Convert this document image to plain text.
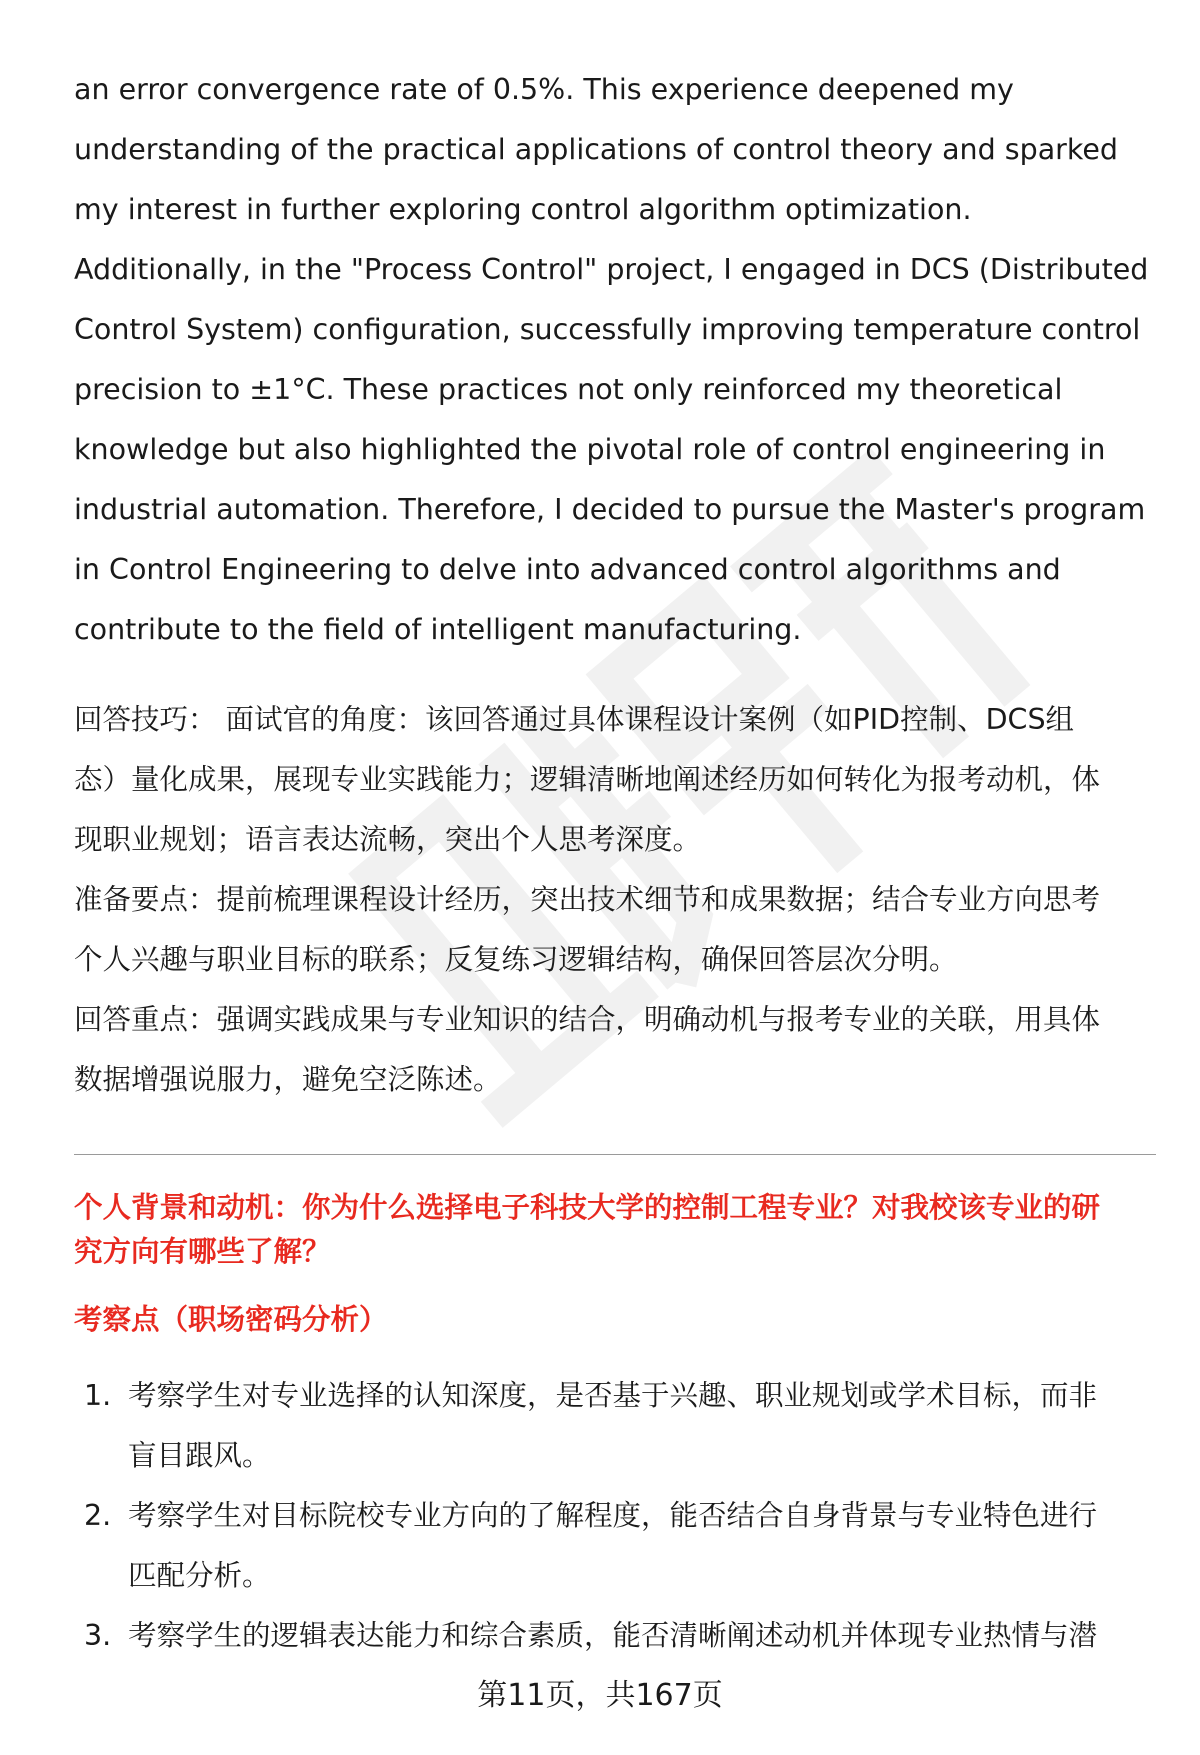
an error convergence rate of 0.5%. This experience deepened my

understanding of the practical applications of control theory and sparked

my interest in further exploring control algorithm optimization.

Additionally, in the "Process Control" project, I engaged in DCS (Distributed

Control System) configuration, successfully improving temperature control

precision to ±1°C. These practices not only reinforced my theoretical

knowledge but also highlighted the pivotal role of control engineering in

industrial automation. Therefore, I decided to pursue the Master's program

in Control Engineering to delve into advanced control algorithms and

contribute to the field of intelligent manufacturing.

回答技巧： 面试官的角度：该回答通过具体课程设计案例（如PID控制、DCS组

态）量化成果，展现专业实践能力；逻辑清晰地阐述经历如何转化为报考动机，体

现职业规划；语言表达流畅，突出个人思考深度。

准备要点：提前梳理课程设计经历，突出技术细节和成果数据；结合专业方向思考

个人兴趣与职业目标的联系；反复练习逻辑结构，确保回答层次分明。

回答重点：强调实践成果与专业知识的结合，明确动机与报考专业的关联，用具体

数据增强说服力，避免空泛陈述。

个人背景和动机：你为什么选择电子科技大学的控制工程专业？对我校该专业的研

究方向有哪些了解？

考察点（职场密码分析）
1. 考察学生对专业选择的认知深度，是否基于兴趣、职业规划或学术目标，而非

盲目跟风。

2. 考察学生对目标院校专业方向的了解程度，能否结合自身背景与专业特色进行

匹配分析。

3. 考察学生的逻辑表达能力和综合素质，能否清晰阐述动机并体现专业热情与潜

第11页，共167页
